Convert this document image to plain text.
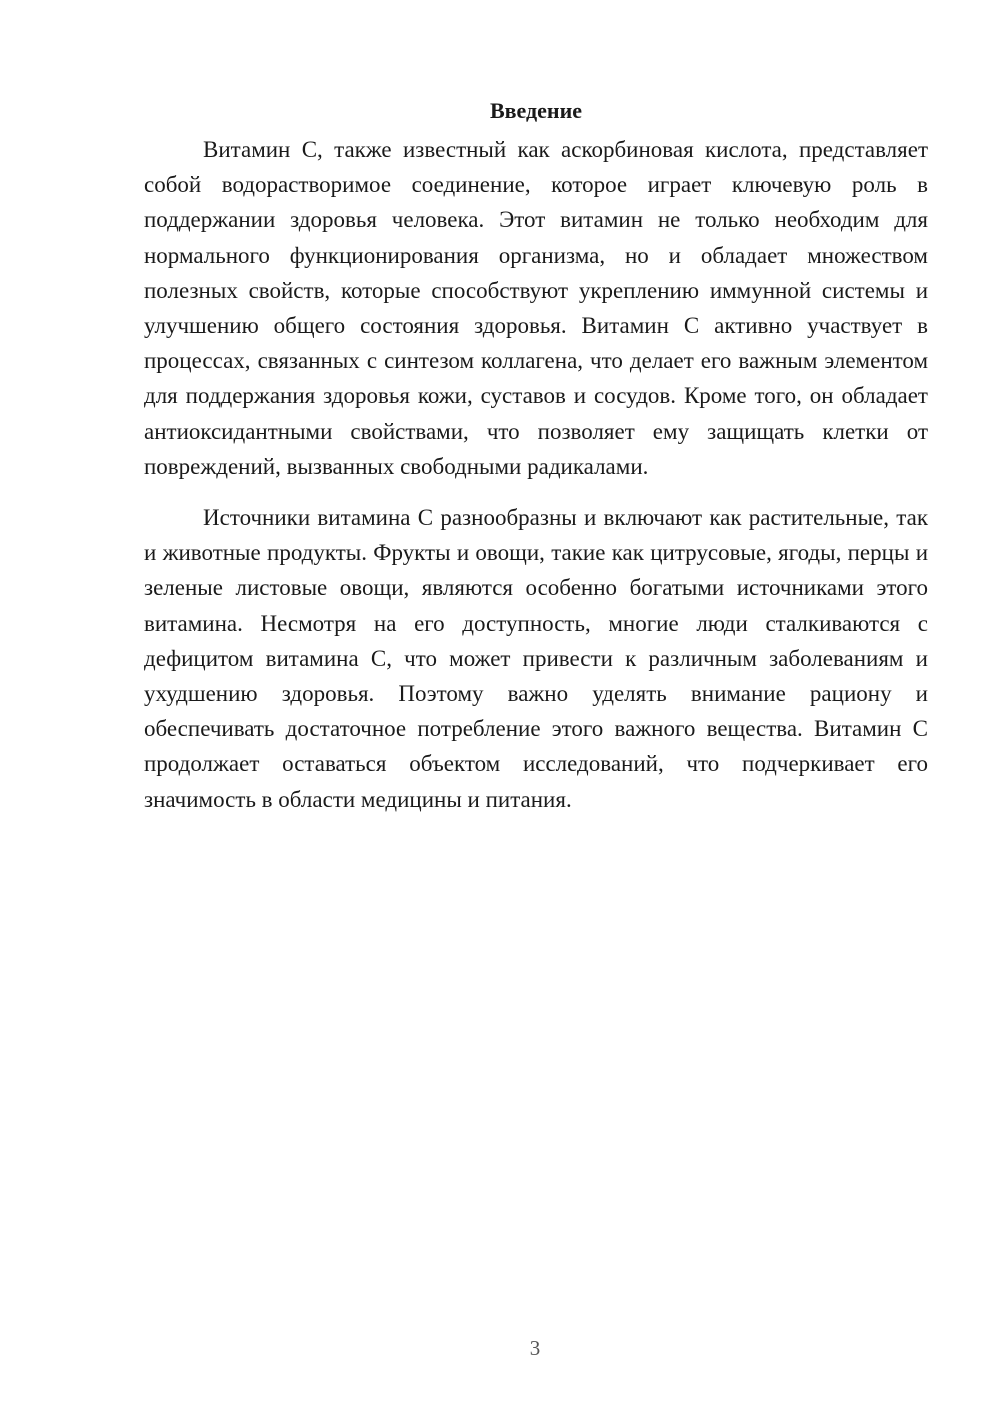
Введение

Витамин С, также известный как аскорбиновая кислота, представляет собой водорастворимое соединение, которое играет ключевую роль в поддержании здоровья человека. Этот витамин не только необходим для нормального функционирования организма, но и обладает множеством полезных свойств, которые способствуют укреплению иммунной системы и улучшению общего состояния здоровья. Витамин С активно участвует в процессах, связанных с синтезом коллагена, что делает его важным элементом для поддержания здоровья кожи, суставов и сосудов. Кроме того, он обладает антиоксидантными свойствами, что позволяет ему защищать клетки от повреждений, вызванных свободными радикалами.

Источники витамина С разнообразны и включают как растительные, так и животные продукты. Фрукты и овощи, такие как цитрусовые, ягоды, перцы и зеленые листовые овощи, являются особенно богатыми источниками этого витамина. Несмотря на его доступность, многие люди сталкиваются с дефицитом витамина С, что может привести к различным заболеваниям и ухудшению здоровья. Поэтому важно уделять внимание рациону и обеспечивать достаточное потребление этого важного вещества. Витамин С продолжает оставаться объектом исследований, что подчеркивает его значимость в области медицины и питания.

3
